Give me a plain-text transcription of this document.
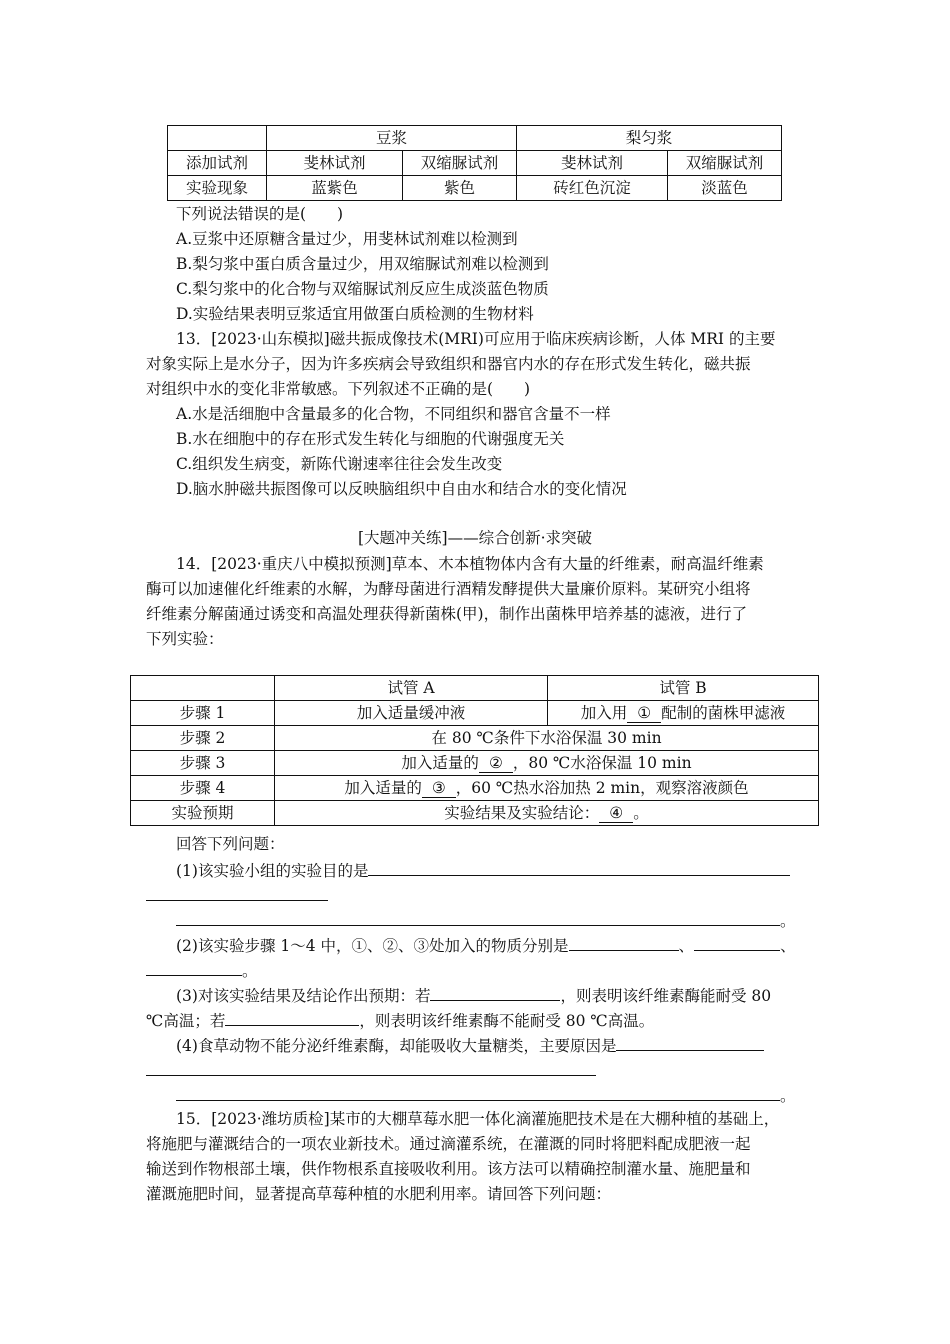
	豆浆		梨匀浆	
添加试剂	斐林试剂	双缩脲试剂	斐林试剂	双缩脲试剂
实验现象	蓝紫色	紫色	砖红色沉淀	淡蓝色
下列说法错误的是(　　)
A.豆浆中还原糖含量过少，用斐林试剂难以检测到
B.梨匀浆中蛋白质含量过少，用双缩脲试剂难以检测到
C.梨匀浆中的化合物与双缩脲试剂反应生成淡蓝色物质
D.实验结果表明豆浆适宜用做蛋白质检测的生物材料
13．[2023·山东模拟]磁共振成像技术(MRI)可应用于临床疾病诊断，人体 MRI 的主要
对象实际上是水分子，因为许多疾病会导致组织和器官内水的存在形式发生转化，磁共振
对组织中水的变化非常敏感。下列叙述不正确的是(　　)
A.水是活细胞中含量最多的化合物，不同组织和器官含量不一样
B.水在细胞中的存在形式发生转化与细胞的代谢强度无关
C.组织发生病变，新陈代谢速率往往会发生改变
D.脑水肿磁共振图像可以反映脑组织中自由水和结合水的变化情况
[大题冲关练]——综合创新·求突破
14．[2023·重庆八中模拟预测]草本、木本植物体内含有大量的纤维素，耐高温纤维素
酶可以加速催化纤维素的水解，为酵母菌进行酒精发酵提供大量廉价原料。某研究小组将
纤维素分解菌通过诱变和高温处理获得新菌株(甲)，制作出菌株甲培养基的滤液，进行了
下列实验：
	试管 A	试管 B
步骤 1	加入适量缓冲液	加入用 ① 配制的菌株甲滤液
步骤 2	在 80 ℃条件下水浴保温 30 min	
步骤 3	加入适量的 ② ，80 ℃水浴保温 10 min	
步骤 4	加入适量的 ③ ，60 ℃热水浴加热 2 min，观察溶液颜色	
实验预期	实验结果及实验结论： ④ 。	
回答下列问题：
(1)该实验小组的实验目的是
。
(2)该实验步骤 1～4 中，①、②、③处加入的物质分别是	、	、
。
(3)对该实验结果及结论作出预期：若	，则表明该纤维素酶能耐受 80
℃高温；若	，则表明该纤维素酶不能耐受 80 ℃高温。
(4)食草动物不能分泌纤维素酶，却能吸收大量糖类，主要原因是
。
15．[2023·潍坊质检]某市的大棚草莓水肥一体化滴灌施肥技术是在大棚种植的基础上，
将施肥与灌溉结合的一项农业新技术。通过滴灌系统，在灌溉的同时将肥料配成肥液一起
输送到作物根部土壤，供作物根系直接吸收利用。该方法可以精确控制灌水量、施肥量和
灌溉施肥时间，显著提高草莓种植的水肥利用率。请回答下列问题：
